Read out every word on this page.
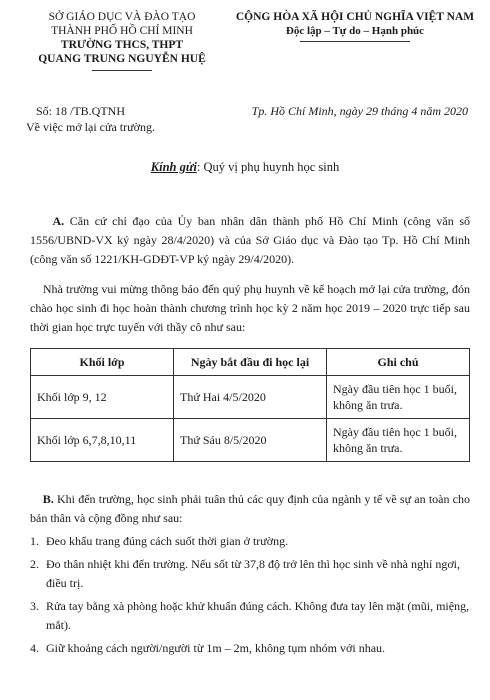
SỞ GIÁO DỤC VÀ ĐÀO TẠO
THÀNH PHỐ HỒ CHÍ MINH
TRƯỜNG THCS, THPT
QUANG TRUNG NGUYỄN HUỆ
CỘNG HÒA XÃ HỘI CHỦ NGHĨA VIỆT NAM
Độc lập – Tự do – Hạnh phúc
Số: 18 /TB.QTNH
Về việc mở lại cửa trường.
Tp. Hồ Chí Minh, ngày 29 tháng 4 năm 2020
Kính gửi: Quý vị phụ huynh học sinh
A. Căn cứ chỉ đạo của Ủy ban nhân dân thành phố Hồ Chí Minh (công văn số 1556/UBND-VX ký ngày 28/4/2020) và của Sở Giáo dục và Đào tạo Tp. Hồ Chí Minh (công văn số 1221/KH-GDĐT-VP ký ngày 29/4/2020).
Nhà trường vui mừng thông báo đến quý phụ huynh về kế hoạch mở lại cửa trường, đón chào học sinh đi học hoàn thành chương trình học kỳ 2 năm học 2019 – 2020 trực tiếp sau thời gian học trực tuyến với thầy cô như sau:
Khối lớp	Ngày bắt đầu đi học lại	Ghi chú
Khối lớp 9, 12	Thứ Hai 4/5/2020	Ngày đầu tiên học 1 buổi, không ăn trưa.
Khối lớp 6,7,8,10,11	Thứ Sáu 8/5/2020	Ngày đầu tiên học 1 buổi, không ăn trưa.
B. Khi đến trường, học sinh phải tuân thủ các quy định của ngành y tế về sự an toàn cho bản thân và cộng đồng như sau:
1. Đeo khẩu trang đúng cách suốt thời gian ở trường.
2. Đo thân nhiệt khi đến trường. Nếu sốt từ 37,8 độ trở lên thì học sinh về nhà nghỉ ngơi, điều trị.
3. Rửa tay bằng xà phòng hoặc khử khuẩn đúng cách. Không đưa tay lên mặt (mũi, miệng, mắt).
4. Giữ khoảng cách người/người từ 1m – 2m, không tụm nhóm với nhau.
